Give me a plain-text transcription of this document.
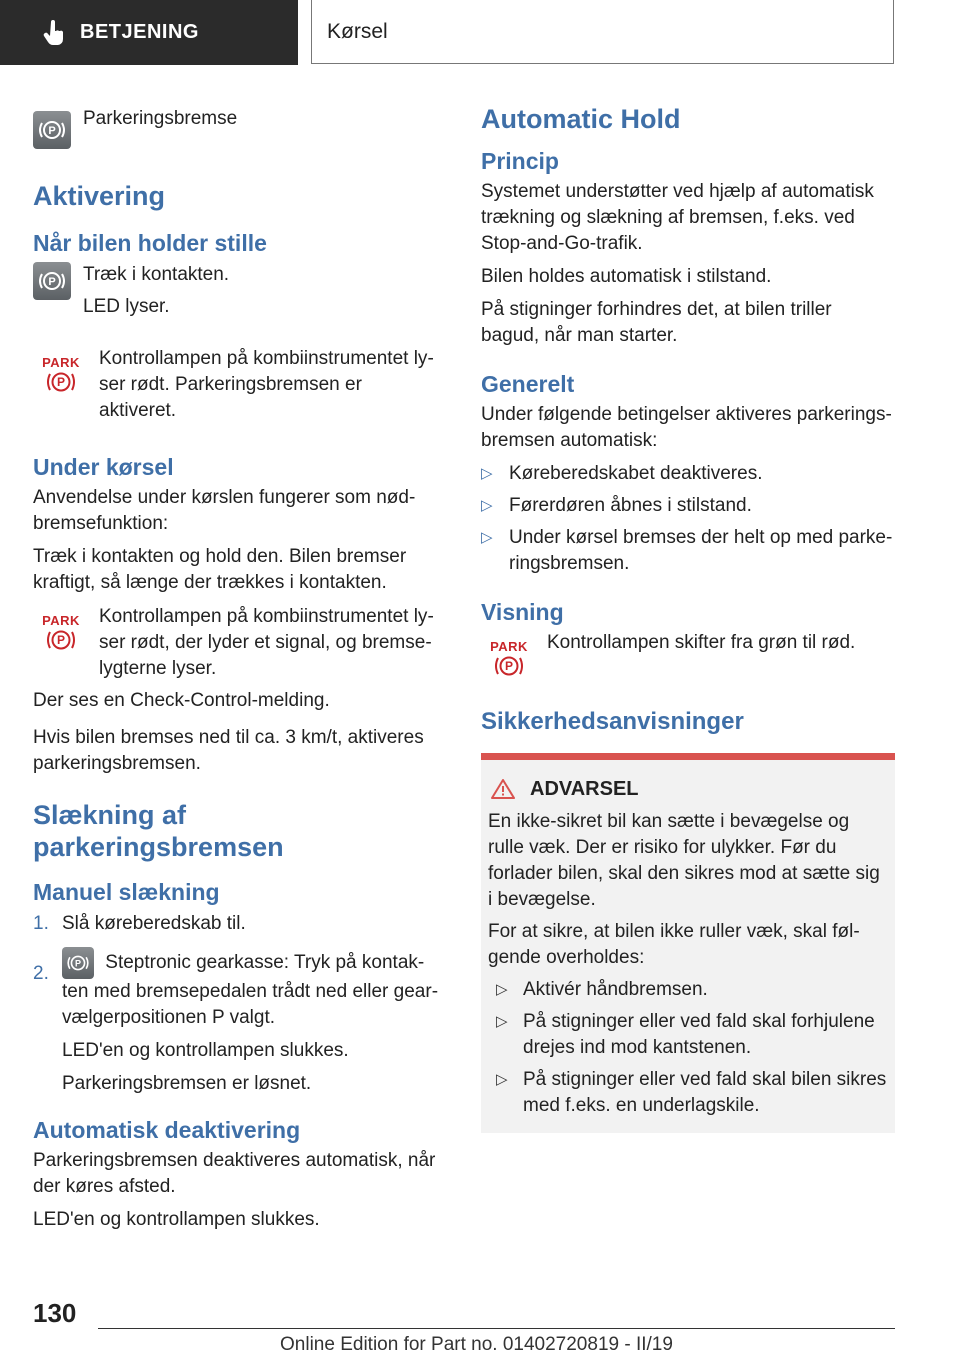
BETJENING	Kørsel
P

Parkeringsbremse

Aktivering
Når bilen holder stille
P Træk i kontakten.

LED lyser.

PARK
P

Kontrollampen på kombiinstrumentet lyser rødt. Parkeringsbremsen er aktiveret.

Under kørsel

Anvendelse under kørslen fungerer som nødbremsefunktion:

Træk i kontakten og hold den. Bilen bremser kraftigt, så længe der trækkes i kontakten.

PARK
P

Kontrollampen på kombiinstrumentet lyser rødt, der lyder et signal, og bremselygterne lyser.

Der ses en Check-Control-melding.

Hvis bilen bremses ned til ca. 3 km/t, aktiveres parkeringsbremsen.

Slækning af parkeringsbremsen
Manuel slækning
1. Slå køreberedskab til.
2. P Steptronic gearkasse: Tryk på kontakten med bremsepedalen trådt ned eller gearvælgerpositionen P valgt.

LED'en og kontrollampen slukkes.

Parkeringsbremsen er løsnet.

Automatisk deaktivering

Parkeringsbremsen deaktiveres automatisk, når der køres afsted.

LED'en og kontrollampen slukkes.

Automatic Hold
Princip

Systemet understøtter ved hjælp af automatisk trækning og slækning af bremsen, f.eks. ved Stop-and-Go-trafik.

Bilen holdes automatisk i stilstand.

På stigninger forhindres det, at bilen triller bagud, når man starter.

Generelt

Under følgende betingelser aktiveres parkeringsbremsen automatisk:

▷ Køreberedskabet deaktiveres.
▷ Førerdøren åbnes i stilstand.
▷ Under kørsel bremses der helt op med parkeringsbremsen.
Visning
PARK
P

Kontrollampen skifter fra grøn til rød.

Sikkerhedsanvisninger
ADVARSEL

En ikke-sikret bil kan sætte i bevægelse og rulle væk. Der er risiko for ulykker. Før du forlader bilen, skal den sikres mod at sætte sig i bevægelse.

For at sikre, at bilen ikke ruller væk, skal følgende overholdes:

▷ Aktivér håndbremsen.
▷ På stigninger eller ved fald skal forhjulene drejes ind mod kantstenen.
▷ På stigninger eller ved fald skal bilen sikres med f.eks. en underlagskile.
130
Online Edition for Part no. 01402720819 - II/19
